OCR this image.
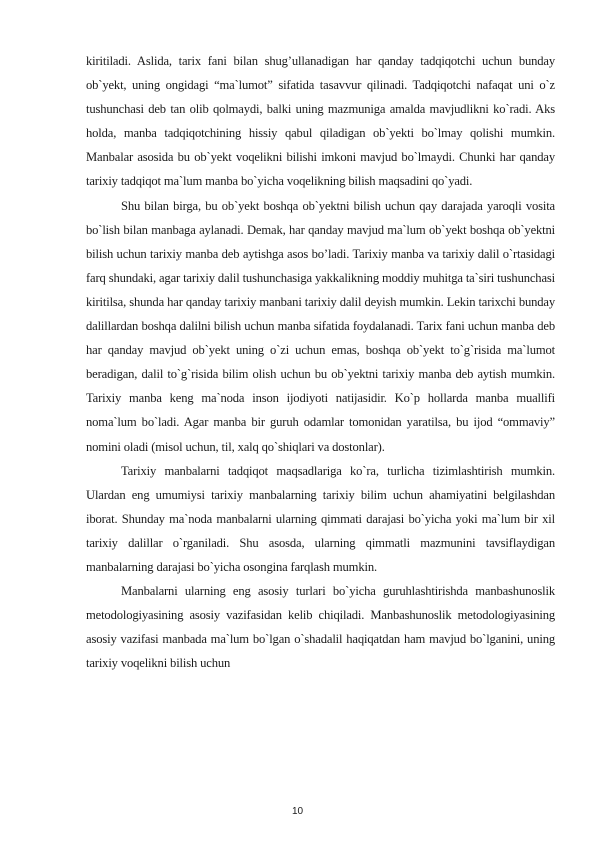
kiritiladi. Aslida, tarix fani bilan shug’ullanadigan har qanday tadqiqotchi uchun bunday ob`yekt, uning ongidagi “ma`lumot” sifatida tasavvur qilinadi. Tadqiqotchi nafaqat uni o`z tushunchasi deb tan olib qolmaydi, balki uning mazmuniga amalda mavjudlikni ko`radi. Aks holda, manba tadqiqotchining hissiy qabul qiladigan ob`yekti bo`lmay qolishi mumkin. Manbalar asosida bu ob`yekt voqelikni bilishi imkoni mavjud bo`lmaydi. Chunki har qanday tarixiy tadqiqot ma`lum manba bo`yicha voqelikning bilish maqsadini qo`yadi.

Shu bilan birga, bu ob`yekt boshqa ob`yektni bilish uchun qay darajada yaroqli vosita bo`lish bilan manbaga aylanadi. Demak, har qanday mavjud ma`lum ob`yekt boshqa ob`yektni bilish uchun tarixiy manba deb aytishga asos bo’ladi. Tarixiy manba va tarixiy dalil o`rtasidagi farq shundaki, agar tarixiy dalil tushunchasiga yakkalikning moddiy muhitga ta`siri tushunchasi kiritilsa, shunda har qanday tarixiy manbani tarixiy dalil deyish mumkin. Lekin tarixchi bunday dalillardan boshqa dalilni bilish uchun manba sifatida foydalanadi. Tarix fani uchun manba deb har qanday mavjud ob`yekt uning o`zi uchun emas, boshqa ob`yekt to`g`risida ma`lumot beradigan, dalil to`g`risida bilim olish uchun bu ob`yektni tarixiy manba deb aytish mumkin. Tarixiy manba keng ma`noda inson ijodiyoti natijasidir. Ko`p hollarda manba muallifi noma`lum bo`ladi. Agar manba bir guruh odamlar tomonidan yaratilsa, bu ijod “ommaviy” nomini oladi (misol uchun, til, xalq qo`shiqlari va dostonlar).

Tarixiy manbalarni tadqiqot maqsadlariga ko`ra, turlicha tizimlashtirish mumkin. Ulardan eng umumiysi tarixiy manbalarning tarixiy bilim uchun ahamiyatini belgilashdan iborat. Shunday ma`noda manbalarni ularning qimmati darajasi bo`yicha yoki ma`lum bir xil tarixiy dalillar o`rganiladi. Shu asosda, ularning qimmatli mazmunini tavsiflaydigan manbalarning darajasi bo`yicha osongina farqlash mumkin.

Manbalarni ularning eng asosiy turlari bo`yicha guruhlashtirishda manbashunoslik metodologiyasining asosiy vazifasidan kelib chiqiladi. Manbashunoslik metodologiyasining asosiy vazifasi manbada ma`lum bo`lgan o`shadalil haqiqatdan ham mavjud bo`lganini, uning tarixiy voqelikni bilish uchun

10
